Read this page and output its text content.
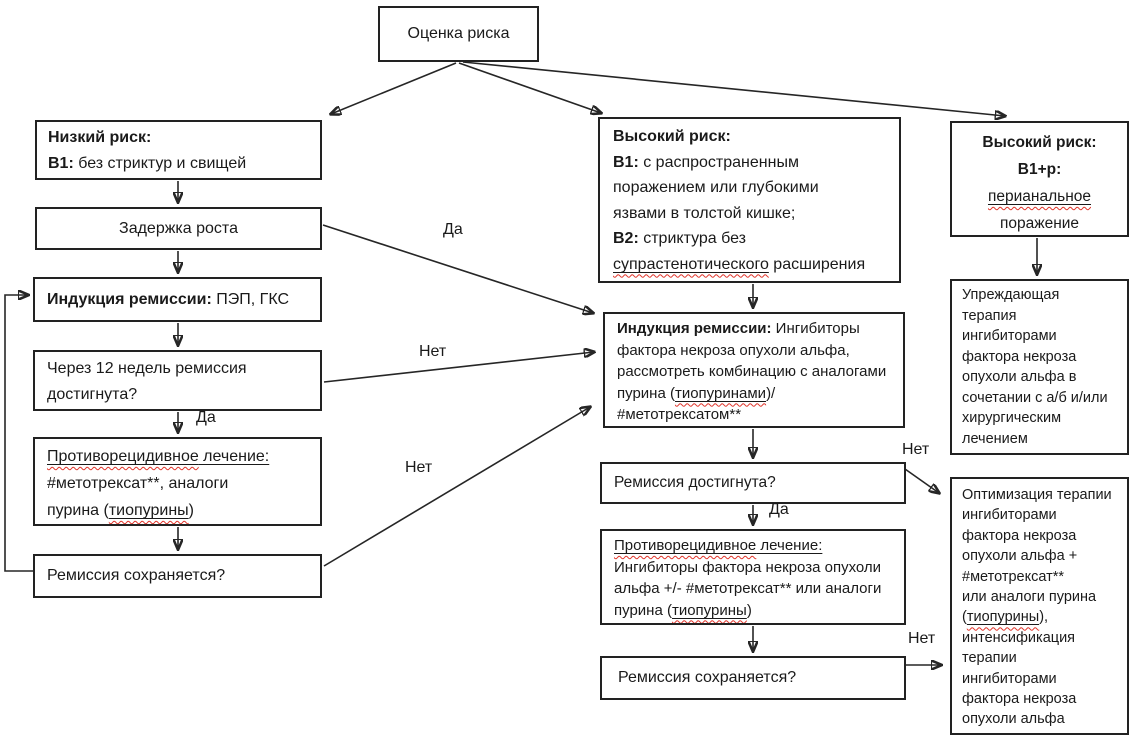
Оценка риска
Низкий риск:
B1: без стриктур и свищей
Задержка роста
Индукция ремиссии: ПЭП, ГКС
Через 12 недель ремиссия достигнута?
Противорецидивное лечение:
#метотрексат**, аналоги
пурина (тиопурины)
Ремиссия сохраняется?
Высокий риск:
B1: с распространенным
поражением или глубокими
язвами в толстой кишке;
B2: стриктура без
супрастенотического расширения
Индукция ремиссии: Ингибиторы
фактора некроза опухоли альфа,
рассмотреть комбинацию с аналогами
пурина (тиопуринами)/
#метотрексатом**
Ремиссия достигнута?
Противорецидивное лечение:
Ингибиторы фактора некроза опухоли
альфа +/- #метотрексат** или аналоги
пурина (тиопурины)
Ремиссия сохраняется?
Высокий риск:
B1+p:
перианальное
поражение
Упреждающая
терапия
ингибиторами
фактора некроза
опухоли альфа в
сочетании с а/б и/или
хирургическим
лечением
Оптимизация терапии
ингибиторами
фактора некроза
опухоли альфа +
#метотрексат**
или аналоги пурина
(тиопурины),
интенсификация
терапии
ингибиторами
фактора некроза
опухоли альфа
Да
Нет
Нет
Да
Да
Нет
Нет
